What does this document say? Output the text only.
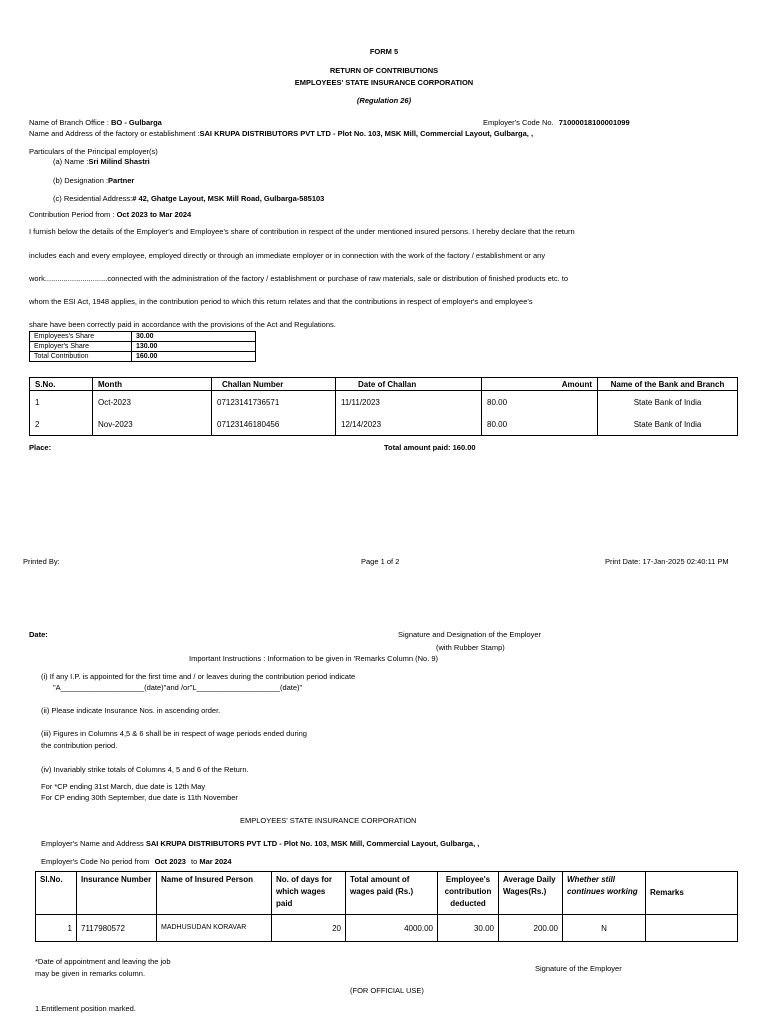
FORM 5
RETURN OF CONTRIBUTIONS
EMPLOYEES' STATE INSURANCE CORPORATION
(Regulation 26)
Name of Branch Office : BO - Gulbarga	Employer's Code No. 71000018100001099
Name and Address of the factory or establishment :SAI KRUPA DISTRIBUTORS PVT LTD - Plot No. 103, MSK Mill, Commercial Layout, Gulbarga, ,
Particulars of the Principal employer(s)
(a) Name :Sri Milind Shastri
(b) Designation :Partner
(c) Residential Address:# 42, Ghatge Layout, MSK Mill Road, Gulbarga-585103
Contribution Period from : Oct 2023 to Mar 2024
I furnish below the details of the Employer's and Employee's share of contribution in respect of the under mentioned insured persons. I hereby declare that the return
includes each and every employee, employed directly or through an immediate employer or in connection with the work of the factory / establishment or any
work..............................connected with the administration of the factory / establishment or purchase of raw materials, sale or distribution of finished products etc. to
whom the ESI Act, 1948 applies, in the contribution period to which this return relates and that the contributions in respect of employer's and employee's
share have been correctly paid in accordance with the provisions of the Act and Regulations.
Employees's Share	30.00
Employer's Share	130.00
Total Contribution	160.00
S.No.	Month	Challan Number	Date of Challan	Amount	Name of the Bank and Branch
1	Oct-2023	07123141736571	11/11/2023	80.00	State Bank of India
2	Nov-2023	07123146180456	12/14/2023	80.00	State Bank of India
Place:	Total amount paid: 160.00
Printed By:	Page 1 of 2	Print Date: 17-Jan-2025 02:40:11 PM
Date:	Signature and Designation of the Employer
(with Rubber Stamp)
Important Instructions : Information to be given in 'Remarks Column (No. 9)
(i) If any I.P. is appointed for the first time and / or leaves during the contribution period indicate
"A____________________(date)"and /or"L____________________(date)"
(ii) Please indicate Insurance Nos. in ascending order.
(iii) Figures in Columns 4,5 & 6 shall be in respect of wage periods ended during
the contribution period.
(iv) Invariably strike totals of Columns 4, 5 and 6 of the Return.
For *CP ending 31st March, due date is 12th May
For CP ending 30th September, due date is 11th November
EMPLOYEES' STATE INSURANCE CORPORATION
Employer's Name and Address SAI KRUPA DISTRIBUTORS PVT LTD - Plot No. 103, MSK Mill, Commercial Layout, Gulbarga, ,
Employer's Code No period from Oct 2023 to Mar 2024
Sl.No.	Insurance Number	Name of Insured Person	No. of days for which wages paid	Total amount of wages paid (Rs.)	Employee's contribution deducted	Average Daily Wages(Rs.)	Whether still continues working	Remarks
1	7117980572	MADHUSUDAN KORAVAR	20	4000.00	30.00	200.00	N	
*Date of appointment and leaving the job
may be given in remarks column.
Signature of the Employer
(FOR OFFICIAL USE)
1.Entitlement position marked.
